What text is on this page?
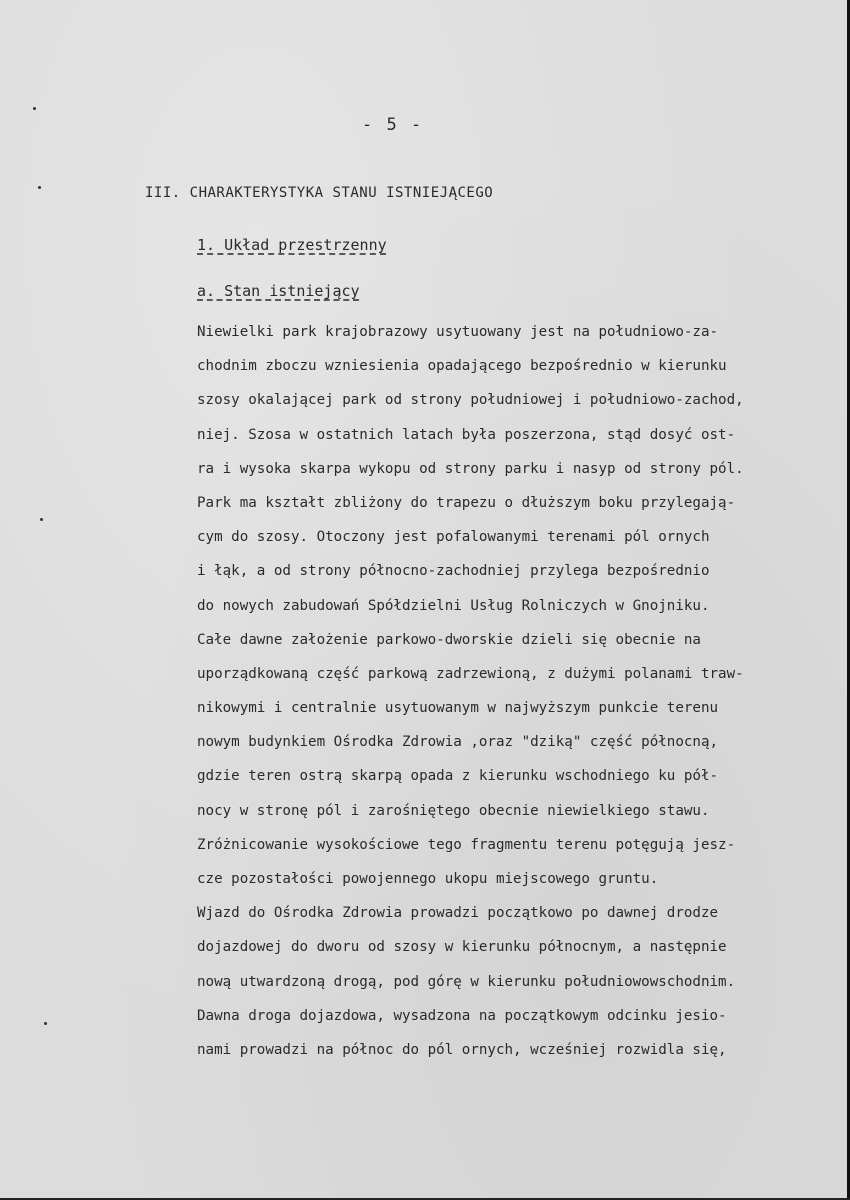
- 5 -
III. CHARAKTERYSTYKA STANU ISTNIEJĄCEGO
1. Układ przestrzenny
a. Stan istniejący
Niewielki park krajobrazowy usytuowany jest na południowo-za-
chodnim zboczu wzniesienia opadającego bezpośrednio w kierunku
szosy okalającej park od strony południowej i południowo-zachod,
niej. Szosa w ostatnich latach była poszerzona, stąd dosyć ost-
ra i wysoka skarpa wykopu od strony parku i nasyp od strony pól.
Park ma kształt zbliżony do trapezu o dłuższym boku przylegają-
cym do szosy. Otoczony jest pofalowanymi terenami pól ornych
i łąk, a od strony północno-zachodniej przylega bezpośrednio
do nowych zabudowań Spółdzielni Usług Rolniczych w Gnojniku.
Całe dawne założenie parkowo-dworskie dzieli się obecnie na
uporządkowaną część parkową zadrzewioną, z dużymi polanami traw-
nikowymi i centralnie usytuowanym w najwyższym punkcie terenu
nowym budynkiem Ośrodka Zdrowia ,oraz "dziką" część północną,
gdzie teren ostrą skarpą opada z kierunku wschodniego ku pół-
nocy w stronę pól i zarośniętego obecnie niewielkiego stawu.
Zróżnicowanie wysokościowe tego fragmentu terenu potęgują jesz-
cze pozostałości powojennego ukopu miejscowego gruntu.
Wjazd do Ośrodka Zdrowia prowadzi początkowo po dawnej drodze
dojazdowej do dworu od szosy w kierunku północnym, a następnie
nową utwardzoną drogą, pod górę w kierunku południowowschodnim.
Dawna droga dojazdowa, wysadzona na początkowym odcinku jesio-
nami prowadzi na północ do pól ornych, wcześniej rozwidla się,
